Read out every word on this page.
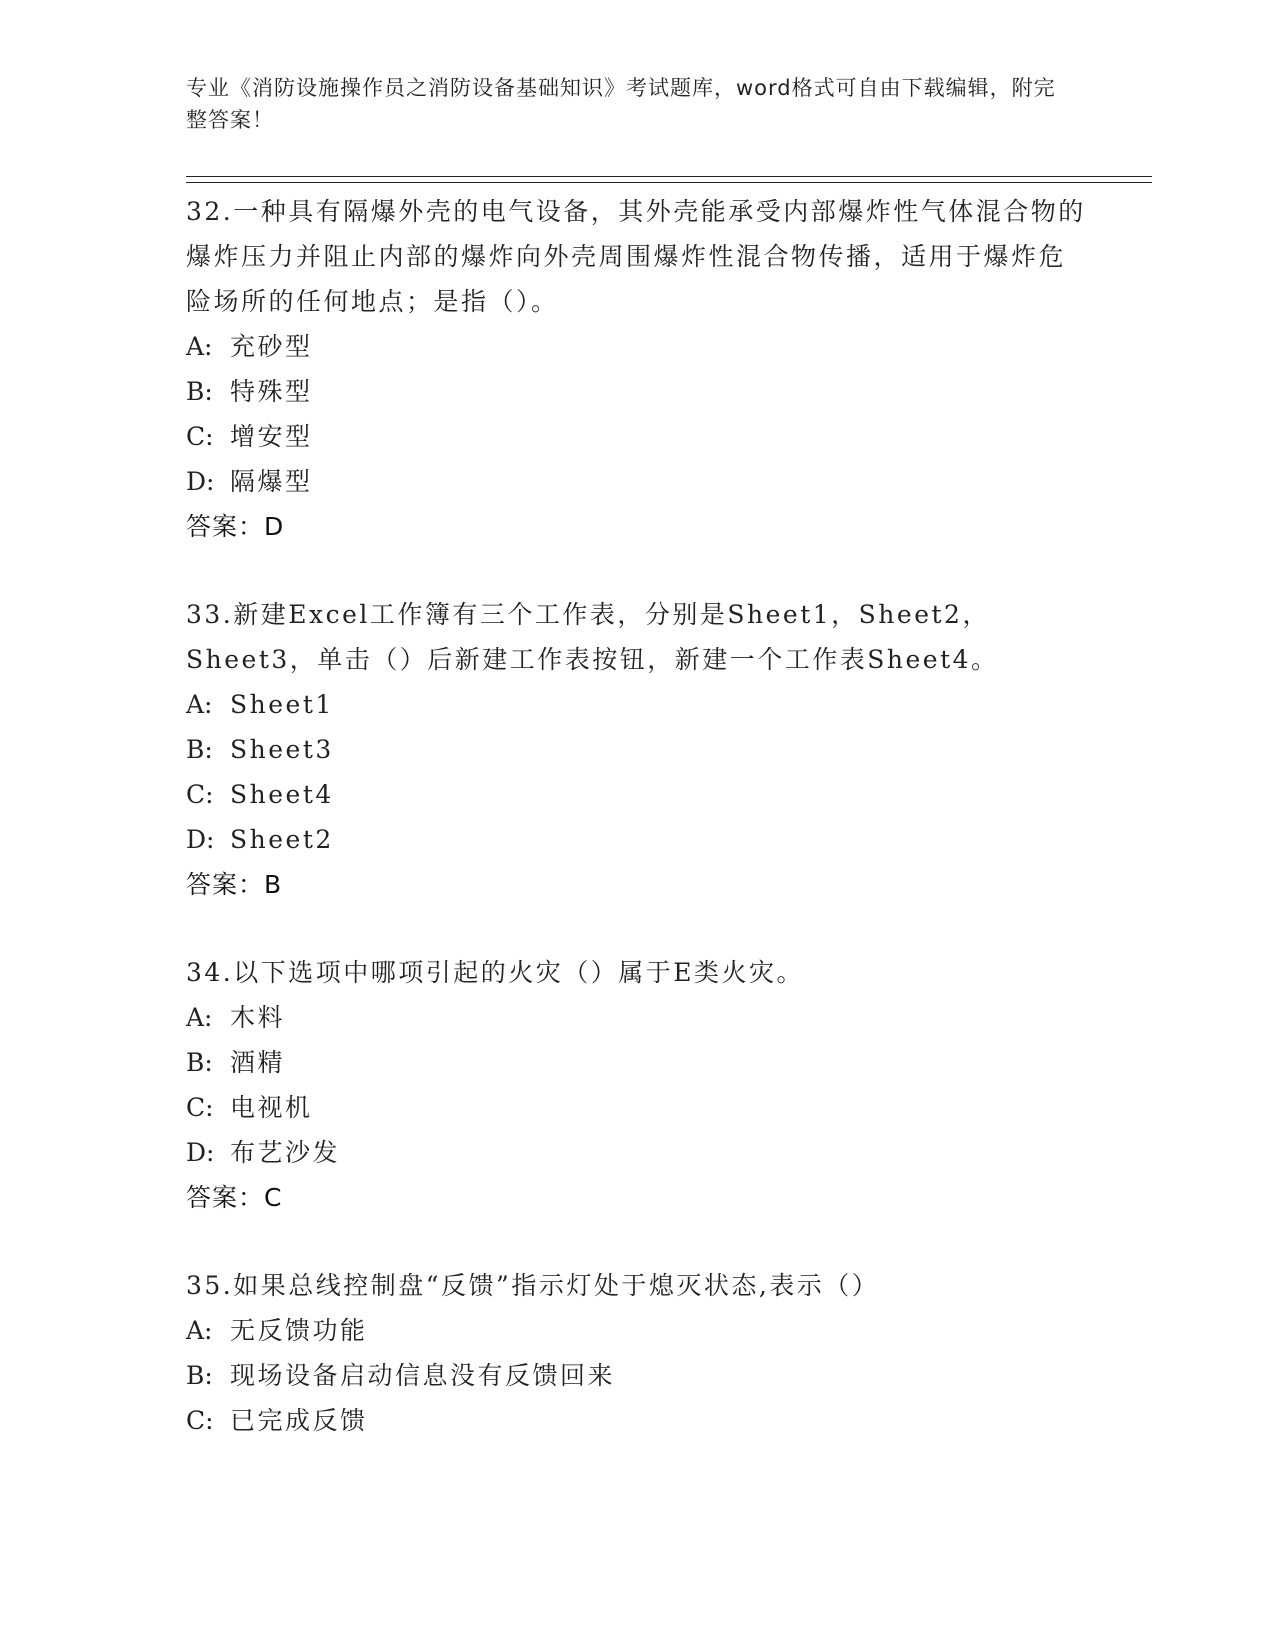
专业《消防设施操作员之消防设备基础知识》考试题库，word格式可自由下载编辑，附完整答案！
32.一种具有隔爆外壳的电气设备，其外壳能承受内部爆炸性气体混合物的爆炸压力并阻止内部的爆炸向外壳周围爆炸性混合物传播，适用于爆炸危险场所的任何地点；是指（）。
A: 充砂型
B: 特殊型
C: 增安型
D: 隔爆型
答案：D
33.新建Excel工作簿有三个工作表，分别是Sheet1，Sheet2，Sheet3，单击（）后新建工作表按钮，新建一个工作表Sheet4。
A: Sheet1
B: Sheet3
C: Sheet4
D: Sheet2
答案：B
34.以下选项中哪项引起的火灾（）属于E类火灾。
A: 木料
B: 酒精
C: 电视机
D: 布艺沙发
答案：C
35.如果总线控制盘“反馈”指示灯处于熄灭状态,表示（）
A: 无反馈功能
B: 现场设备启动信息没有反馈回来
C: 已完成反馈
